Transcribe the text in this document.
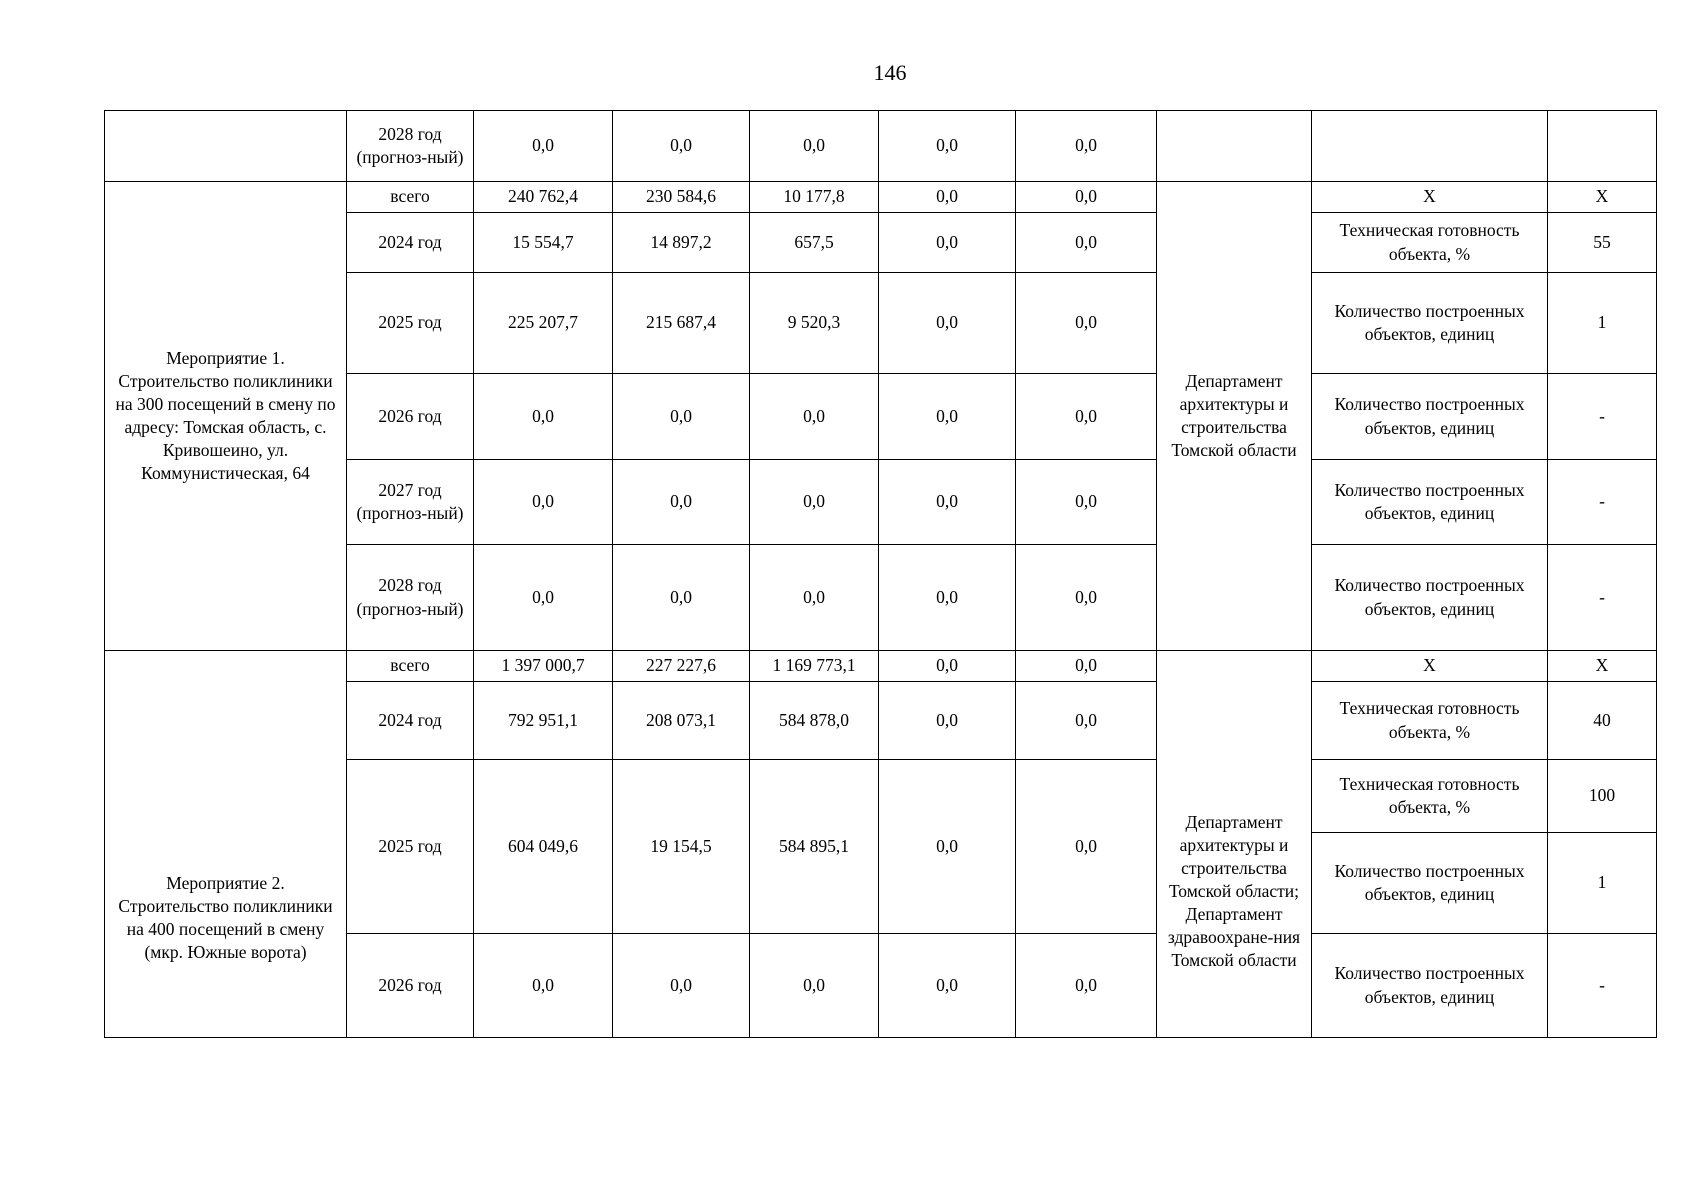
146
	2028 год (прогноз-ный)	0,0	0,0	0,0	0,0	0,0			
Мероприятие 1. Строительство поликлиники на 300 посещений в смену по адресу: Томская область, с. Кривошеино, ул. Коммунистическая, 64	всего	240 762,4	230 584,6	10 177,8	0,0	0,0	Департамент архитектуры и строительства Томской области	Х	Х
	2024 год	15 554,7	14 897,2	657,5	0,0	0,0		Техническая готовность объекта, %	55
	2025 год	225 207,7	215 687,4	9 520,3	0,0	0,0		Количество построенных объектов, единиц	1
	2026 год	0,0	0,0	0,0	0,0	0,0		Количество построенных объектов, единиц	-
	2027 год (прогноз-ный)	0,0	0,0	0,0	0,0	0,0		Количество построенных объектов, единиц	-
	2028 год (прогноз-ный)	0,0	0,0	0,0	0,0	0,0		Количество построенных объектов, единиц	-
Мероприятие 2. Строительство поликлиники на 400 посещений в смену (мкр. Южные ворота)	всего	1 397 000,7	227 227,6	1 169 773,1	0,0	0,0	Департамент архитектуры и строительства Томской области; Департамент здравоохране-ния Томской области	Х	Х
	2024 год	792 951,1	208 073,1	584 878,0	0,0	0,0		Техническая готовность объекта, %	40
	2025 год	604 049,6	19 154,5	584 895,1	0,0	0,0		Техническая готовность объекта, %	100
								Количество построенных объектов, единиц	1
	2026 год	0,0	0,0	0,0	0,0	0,0		Количество построенных объектов, единиц	-
